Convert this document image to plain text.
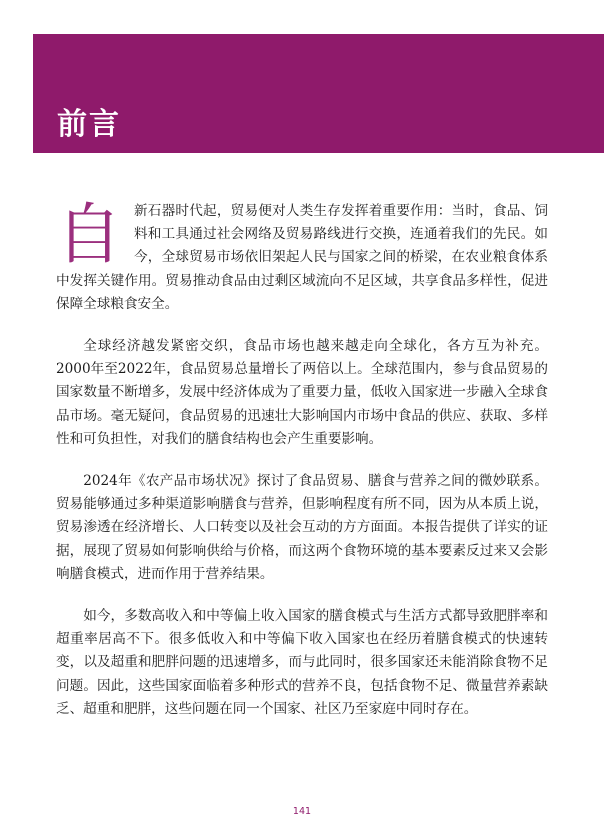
前言

自 新石器时代起，贸易便对人类生存发挥着重要作用：当时，食品、饲料和工具通过社会网络及贸易路线进行交换，连通着我们的先民。如今，全球贸易市场依旧架起人民与国家之间的桥梁，在农业粮食体系中发挥关键作用。贸易推动食品由过剩区域流向不足区域，共享食品多样性，促进保障全球粮食安全。

全球经济越发紧密交织，食品市场也越来越走向全球化，各方互为补充。2000年至2022年，食品贸易总量增长了两倍以上。全球范围内，参与食品贸易的国家数量不断增多，发展中经济体成为了重要力量，低收入国家进一步融入全球食品市场。毫无疑问，食品贸易的迅速壮大影响国内市场中食品的供应、获取、多样性和可负担性，对我们的膳食结构也会产生重要影响。

2024年《农产品市场状况》探讨了食品贸易、膳食与营养之间的微妙联系。贸易能够通过多种渠道影响膳食与营养，但影响程度有所不同，因为从本质上说，贸易渗透在经济增长、人口转变以及社会互动的方方面面。本报告提供了详实的证据，展现了贸易如何影响供给与价格，而这两个食物环境的基本要素反过来又会影响膳食模式，进而作用于营养结果。

如今，多数高收入和中等偏上收入国家的膳食模式与生活方式都导致肥胖率和超重率居高不下。很多低收入和中等偏下收入国家也在经历着膳食模式的快速转变，以及超重和肥胖问题的迅速增多，而与此同时，很多国家还未能消除食物不足问题。因此，这些国家面临着多种形式的营养不良，包括食物不足、微量营养素缺乏、超重和肥胖，这些问题在同一个国家、社区乃至家庭中同时存在。

141
